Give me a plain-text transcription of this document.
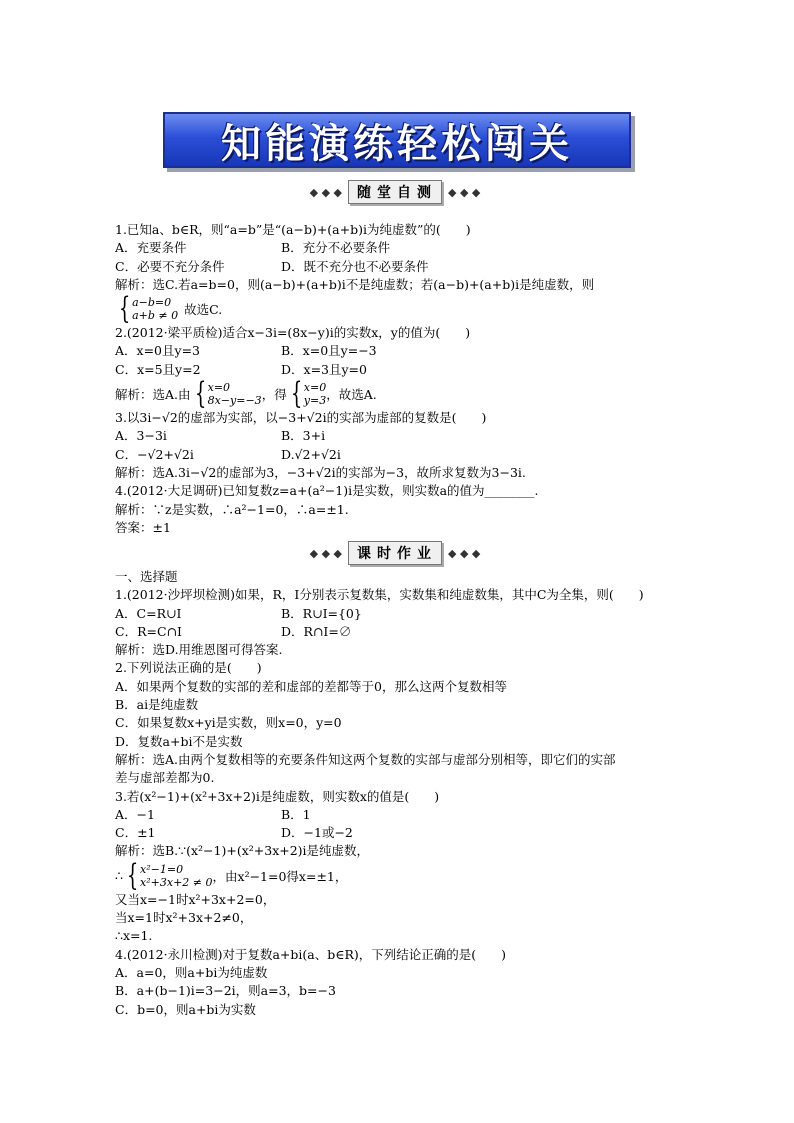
知能演练轻松闯关
◆ ◆ ◆	随堂自测	◆ ◆ ◆
1.已知a、b∈R，则“a=b”是“(a−b)+(a+b)i为纯虚数”的(　　)
A．充要条件	B．充分不必要条件
C．必要不充分条件	D．既不充分也不必要条件
解析：选C.若a=b=0，则(a−b)+(a+b)i不是纯虚数；若(a−b)+(a+b)i是纯虚数，则
{ a−b=0
a+b ≠ 0 故选C.
2.(2012·梁平质检)适合x−3i=(8x−y)i的实数x，y的值为(　　)
A．x=0且y=3	B．x=0且y=−3
C．x=5且y=2	D．x=3且y=0
解析：选A.由 { x=0
8x−y=−3 ，得 { x=0
y=3 ，故选A.
3.以3i−√2的虚部为实部，以−3+√2i的实部为虚部的复数是(　　)
A．3−3i	B．3+i
C．−√2+√2i	D.√2+√2i
解析：选A.3i−√2的虚部为3，−3+√2i的实部为−3，故所求复数为3−3i.
4.(2012·大足调研)已知复数z=a+(a²−1)i是实数，则实数a的值为________.
解析：∵z是实数，∴a²−1=0，∴a=±1.
答案：±1
◆ ◆ ◆	课时作业	◆ ◆ ◆
一、选择题
1.(2012·沙坪坝检测)如果，R，I分别表示复数集，实数集和纯虚数集，其中C为全集，则(　　)
A．C=R∪I	B．R∪I={0}
C．R=C∩I	D．R∩I=∅
解析：选D.用维恩图可得答案.
2.下列说法正确的是(　　)
A．如果两个复数的实部的差和虚部的差都等于0，那么这两个复数相等
B．ai是纯虚数
C．如果复数x+yi是实数，则x=0，y=0
D．复数a+bi不是实数
解析：选A.由两个复数相等的充要条件知这两个复数的实部与虚部分别相等，即它们的实部
差与虚部差都为0.
3.若(x²−1)+(x²+3x+2)i是纯虚数，则实数x的值是(　　)
A．−1	B．1
C．±1	D．−1或−2
解析：选B.∵(x²−1)+(x²+3x+2)i是纯虚数，
∴ { x²−1=0
x²+3x+2 ≠ 0 ，由x²−1=0得x=±1，
又当x=−1时x²+3x+2=0，
当x=1时x²+3x+2≠0，
∴x=1.
4.(2012·永川检测)对于复数a+bi(a、b∈R)，下列结论正确的是(　　)
A．a=0，则a+bi为纯虚数
B．a+(b−1)i=3−2i，则a=3，b=−3
C．b=0，则a+bi为实数
